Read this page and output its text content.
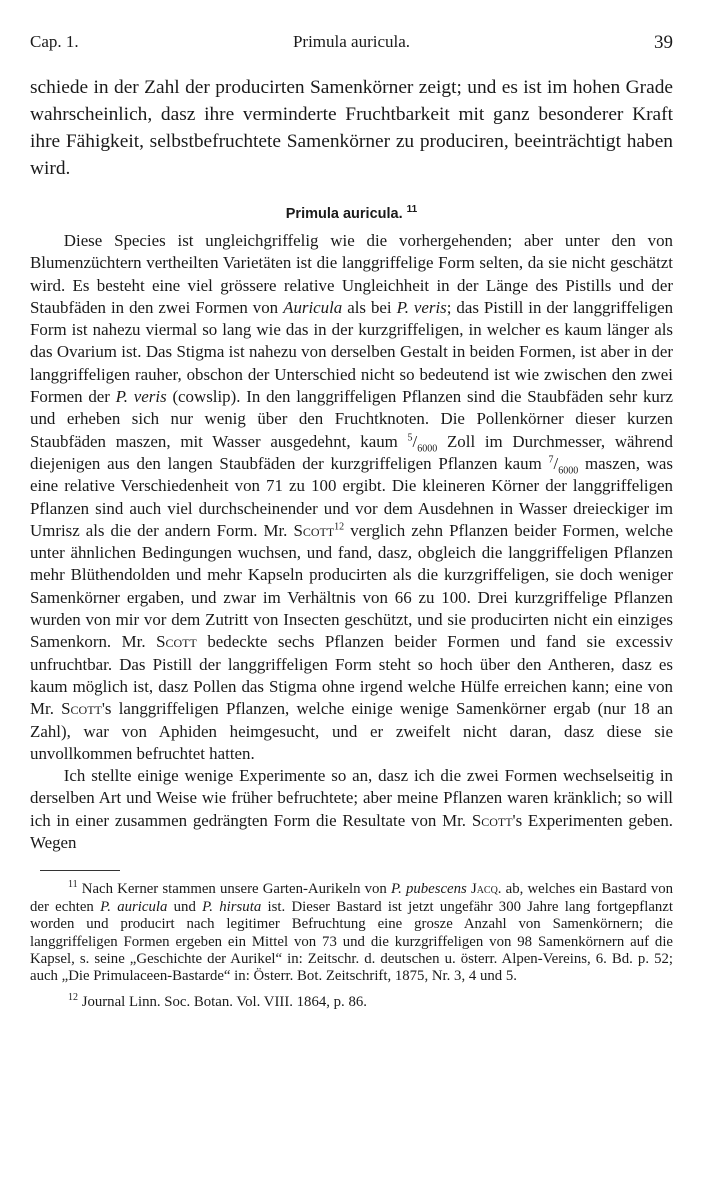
Cap. 1.	Primula auricula.	39

schiede in der Zahl der producirten Samenkörner zeigt; und es ist im hohen Grade wahrscheinlich, dasz ihre verminderte Fruchtbarkeit mit ganz besonderer Kraft ihre Fähigkeit, selbstbefruchtete Samenkörner zu produciren, beeinträchtigt haben wird.

Primula auricula. $^{11}$

Diese Species ist ungleichgriffelig wie die vorhergehenden; aber unter den von Blumenzüchtern vertheilten Varietäten ist die langgriffelige Form selten, da sie nicht geschätzt wird. Es besteht eine viel grössere relative Ungleichheit in der Länge des Pistills und der Staubfäden in den zwei Formen von Auricula als bei P. veris; das Pistill in der langgriffeligen Form ist nahezu viermal so lang wie das in der kurzgriffeligen, in welcher es kaum länger als das Ovarium ist. Das Stigma ist nahezu von derselben Gestalt in beiden Formen, ist aber in der langgriffeligen rauher, obschon der Unterschied nicht so bedeutend ist wie zwischen den zwei Formen der P. veris (cowslip). In den langgriffeligen Pflanzen sind die Staubfäden sehr kurz und erheben sich nur wenig über den Fruchtknoten. Die Pollenkörner dieser kurzen Staubfäden maszen, mit Wasser ausgedehnt, kaum $^5/_{6000}$ Zoll im Durchmesser, während diejenigen aus den langen Staubfäden der kurzgriffeligen Pflanzen kaum $^7/_{6000}$ maszen, was eine relative Verschiedenheit von 71 zu 100 ergibt. Die kleineren Körner der langgriffeligen Pflanzen sind auch viel durchscheinender und vor dem Ausdehnen in Wasser dreieckiger im Umrisz als die der andern Form. Mr. Scott$^{12}$ verglich zehn Pflanzen beider Formen, welche unter ähnlichen Bedingungen wuchsen, und fand, dasz, obgleich die langgriffeligen Pflanzen mehr Blüthendolden und mehr Kapseln producirten als die kurzgriffeligen, sie doch weniger Samenkörner ergaben, und zwar im Verhältnis von 66 zu 100. Drei kurzgriffelige Pflanzen wurden von mir vor dem Zutritt von Insecten geschützt, und sie producirten nicht ein einziges Samenkorn. Mr. Scott bedeckte sechs Pflanzen beider Formen und fand sie excessiv unfruchtbar. Das Pistill der langgriffeligen Form steht so hoch über den Antheren, dasz es kaum möglich ist, dasz Pollen das Stigma ohne irgend welche Hülfe erreichen kann; eine von Mr. Scott's langgriffeligen Pflanzen, welche einige wenige Samenkörner ergab (nur 18 an Zahl), war von Aphiden heimgesucht, und er zweifelt nicht daran, dasz diese sie unvollkommen befruchtet hatten.

Ich stellte einige wenige Experimente so an, dasz ich die zwei Formen wechselseitig in derselben Art und Weise wie früher befruchtete; aber meine Pflanzen waren kränklich; so will ich in einer zusammen gedrängten Form die Resultate von Mr. Scott's Experimenten geben. Wegen

$^{11}$ Nach Kerner stammen unsere Garten-Aurikeln von P. pubescens Jacq. ab, welches ein Bastard von der echten P. auricula und P. hirsuta ist. Dieser Bastard ist jetzt ungefähr 300 Jahre lang fortgepflanzt worden und producirt nach legitimer Befruchtung eine grosze Anzahl von Samenkörnern; die langgriffeligen Formen ergeben ein Mittel von 73 und die kurzgriffeligen von 98 Samenkörnern auf die Kapsel, s. seine „Geschichte der Aurikel“ in: Zeitschr. d. deutschen u. österr. Alpen-Vereins, 6. Bd. p. 52; auch „Die Primulaceen-Bastarde“ in: Österr. Bot. Zeitschrift, 1875, Nr. 3, 4 und 5.

$^{12}$ Journal Linn. Soc. Botan. Vol. VIII. 1864, p. 86.
